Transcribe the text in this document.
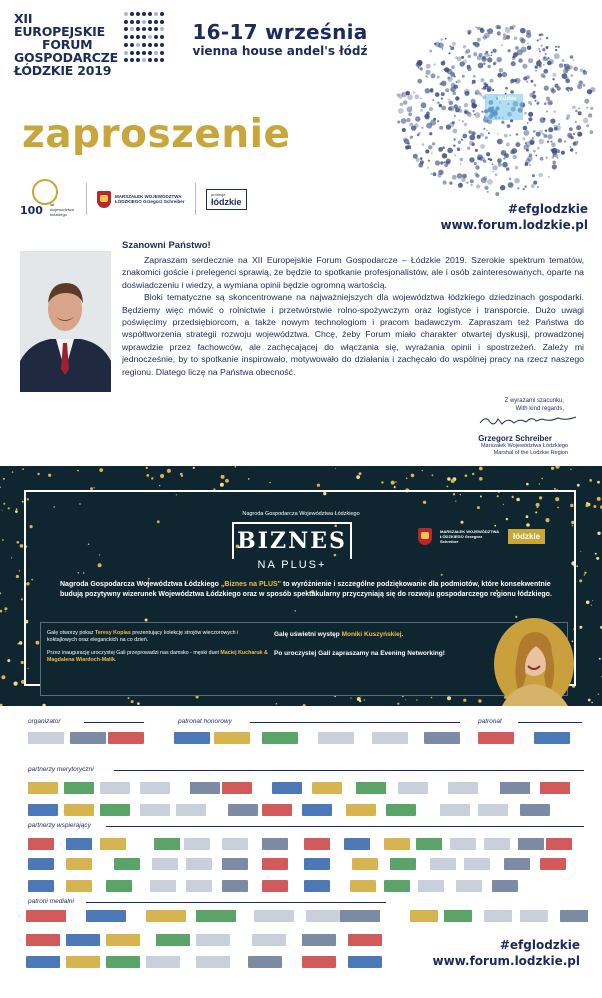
XII EUROPEJSKIE
FORUM
GOSPODARCZE
ŁÓDZKIE 2019
16-17 września
vienna house andel's łódź
łódzkie
zaproszenie
100 lat województwa łódzkiego
MARSZAŁEK WOJEWÓDZTWA ŁÓDZKIEGO Grzegorz Schreiber
promuje
łódzkie
#efglodzkie
www.forum.lodzkie.pl
Szanowni Państwo!

Zapraszam serdecznie na XII Europejskie Forum Gospodarcze – Łódzkie 2019. Szerokie spektrum tematów, znakomici goście i prelegenci sprawią, że będzie to spotkanie profesjonalistów, ale i osób zainteresowanych, oparte na doświadczeniu i wiedzy, a wymiana opinii będzie ogromną wartością.

Bloki tematyczne są skoncentrowane na najważniejszych dla województwa łódzkiego dziedzinach gospodarki. Będziemy więc mówić o rolnictwie i przetwórstwie rolno-spożywczym oraz logistyce i transporcie. Dużo uwagi poświęcimy przedsiębiorcom, a także nowym technologiom i pracom badawczym. Zapraszam też Państwa do współtworzenia strategii rozwoju województwa. Chcę, żeby Forum miało charakter otwartej dyskusji, prowadzonej wprawdzie przez fachowców, ale zachęcającej do włączania się, wyrażania opinii i spostrzeżeń. Zależy mi jednocześnie, by to spotkanie inspirowało, motywowało do działania i zachęcało do wspólnej pracy na rzecz naszego regionu. Dlatego liczę na Państwa obecność.

Z wyrazami szacunku,
With kind regards,
Grzegorz Schreiber
Marszałek Województwa Łódzkiego
Marshal of the Lodzkie Region
Nagroda Gospodarcza Województwa Łódzkiego
BIZNES
NA PLUS+
MARSZAŁEK WOJEWÓDZTWA ŁÓDZKIEGO Grzegorz Schreiber
łódzkie
Nagroda Gospodarcza Województwa Łódzkiego „Biznes na PLUS" to wyróżnienie i szczególne podziękowanie dla podmiotów, które konsekwentnie budują pozytywny wizerunek Województwa Łódzkiego oraz w sposób spektakularny przyczyniają się do rozwoju gospodarczego regionu łódzkiego.

Galę otworzy pokaz Teresy Kopias prezentujący kolekcję strojów wieczorowych i koktajlowych oraz eleganckich na co dzień.

Przez inaugurację uroczystej Gali przeprowadzi nas damsko - męski duet Maciej Kucharuk & Magdalena Wiardoch-Malik.

Galę uświetni występ Moniki Kuszyńskiej.

Po uroczystej Gali zapraszamy na Evening Networking!

organizator	patronat honorowy	patronat
partnerzy merytoryczni
partnerzy wspierający
patroni medialni
#efglodzkie
www.forum.lodzkie.pl
